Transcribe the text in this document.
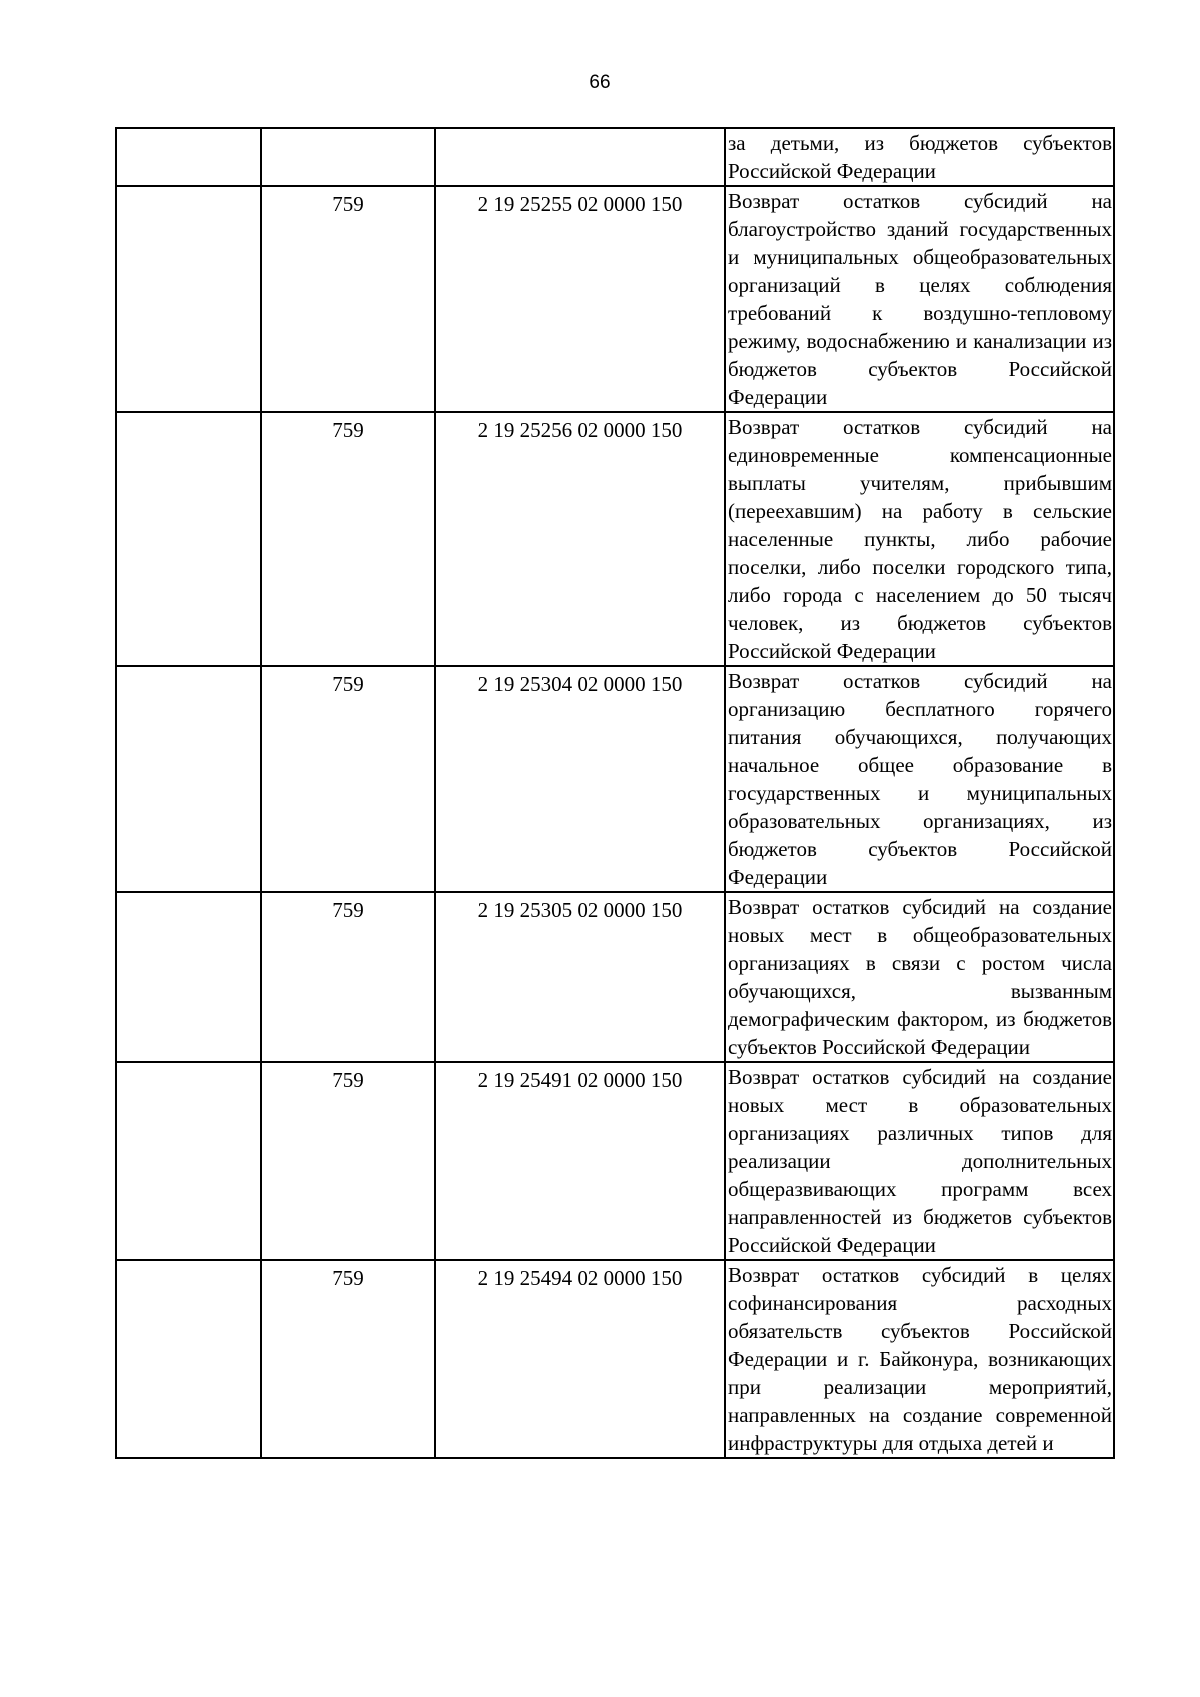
66
			за детьми, из бюджетов субъектов Российской Федерации
	759	2 19 25255 02 0000 150	Возврат остатков субсидий на благоустройство зданий государственных и муниципальных общеобразовательных организаций в целях соблюдения требований к воздушно-тепловому режиму, водоснабжению и канализации из бюджетов субъектов Российской Федерации
	759	2 19 25256 02 0000 150	Возврат остатков субсидий на единовременные компенсационные выплаты учителям, прибывшим (переехавшим) на работу в сельские населенные пункты, либо рабочие поселки, либо поселки городского типа, либо города с населением до 50 тысяч человек, из бюджетов субъектов Российской Федерации
	759	2 19 25304 02 0000 150	Возврат остатков субсидий на организацию бесплатного горячего питания обучающихся, получающих начальное общее образование в государственных и муниципальных образовательных организациях, из бюджетов субъектов Российской Федерации
	759	2 19 25305 02 0000 150	Возврат остатков субсидий на создание новых мест в общеобразовательных организациях в связи с ростом числа обучающихся, вызванным демографическим фактором, из бюджетов субъектов Российской Федерации
	759	2 19 25491 02 0000 150	Возврат остатков субсидий на создание новых мест в образовательных организациях различных типов для реализации дополнительных общеразвивающих программ всех направленностей из бюджетов субъектов Российской Федерации
	759	2 19 25494 02 0000 150	Возврат остатков субсидий в целях софинансирования расходных обязательств субъектов Российской Федерации и г. Байконура, возникающих при реализации мероприятий, направленных на создание современной инфраструктуры для отдыха детей и
